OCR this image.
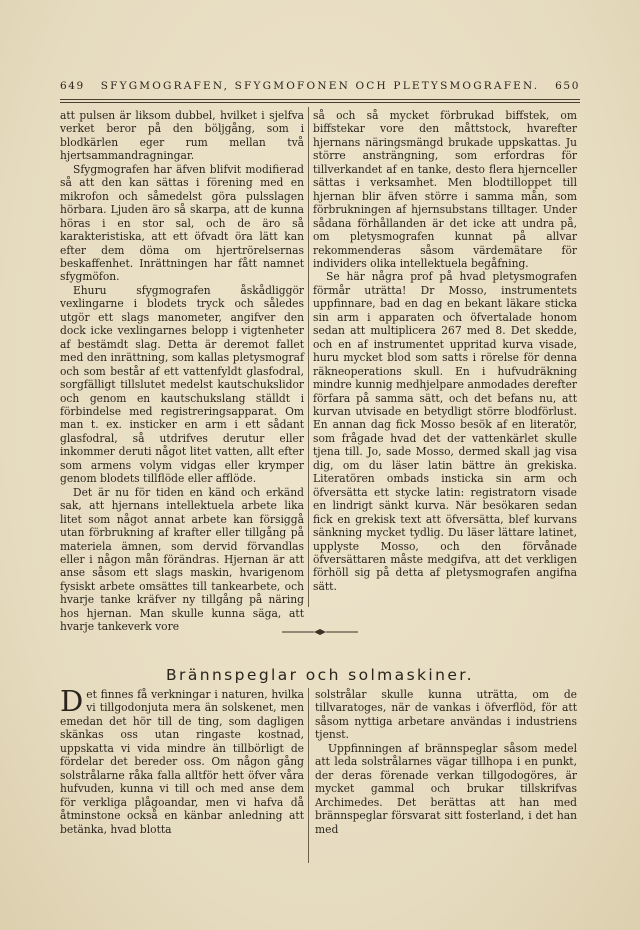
649	SFYGMOGRAFEN, SFYGMOFONEN OCH PLETYSMOGRAFEN.	650

att pulsen är liksom dubbel, hvilket i sjelfva verket beror på den böljgång, som i blodkärlen eger rum mellan två hjertsammandragningar.

Sfygmografen har äfven blifvit modifierad så att den kan sättas i förening med en mikrofon och såmedelst göra pulsslagen hörbara. Ljuden äro så skarpa, att de kunna höras i en stor sal, och de äro så karakteristiska, att ett öfvadt öra lätt kan efter dem döma om hjertrörelsernas beskaffenhet. Inrättningen har fått namnet sfygmöfon.

Ehuru sfygmografen åskådliggör vexlingarne i blodets tryck och således utgör ett slags manometer, angifver den dock icke vexlingarnes belopp i vigtenheter af bestämdt slag. Detta är deremot fallet med den inrättning, som kallas pletysmograf och som består af ett vattenfyldt glasfodral, sorgfälligt tillslutet medelst kautschukslidor och genom en kautschukslang ställdt i förbindelse med registreringsapparat. Om man t. ex. insticker en arm i ett sådant glasfodral, så utdrifves derutur eller inkommer deruti något litet vatten, allt efter som armens volym vidgas eller krymper genom blodets tillflöde eller afflöde.

Det är nu för tiden en känd och erkänd sak, att hjernans intellektuela arbete lika litet som något annat arbete kan försiggå utan förbrukning af krafter eller tillgång på materiela ämnen, som dervid förvandlas eller i någon mån förändras. Hjernan är att anse såsom ett slags maskin, hvarigenom fysiskt arbete omsättes till tankearbete, och hvarje tanke kräfver ny tillgång på näring hos hjernan. Man skulle kunna säga, att hvarje tankeverk vore

så och så mycket förbrukad biffstek, om biffstekar vore den måttstock, hvarefter hjernans näringsmängd brukade uppskattas. Ju större ansträngning, som erfordras för tillverkandet af en tanke, desto flera hjernceller sättas i verksamhet. Men blodtilloppet till hjernan blir äfven större i samma mån, som förbrukningen af hjernsubstans tilltager. Under sådana förhållanden är det icke att undra på, om pletysmografen kunnat på allvar rekommenderas såsom värdemätare för individers olika intellektuela begåfning.

Se här några prof på hvad pletysmografen förmår uträtta! Dr Mosso, instrumentets uppfinnare, bad en dag en bekant läkare sticka sin arm i apparaten och öfvertalade honom sedan att multiplicera 267 med 8. Det skedde, och en af instrumentet uppritad kurva visade, huru mycket blod som satts i rörelse för denna räkneoperations skull. En i hufvudräkning mindre kunnig medhjelpare anmodades derefter förfara på samma sätt, och det befans nu, att kurvan utvisade en betydligt större blodförlust. En annan dag fick Mosso besök af en literatör, som frågade hvad det der vattenkärlet skulle tjena till. Jo, sade Mosso, dermed skall jag visa dig, om du läser latin bättre än grekiska. Literatören ombads insticka sin arm och öfversätta ett stycke latin: registratorn visade en lindrigt sänkt kurva. När besökaren sedan fick en grekisk text att öfversätta, blef kurvans sänkning mycket tydlig. Du läser lättare latinet, upplyste Mosso, och den förvånade öfversättaren måste medgifva, att det verkligen förhöll sig på detta af pletysmografen angifna sätt.

Brännspeglar och solmaskiner.

Det finnes få verkningar i naturen, hvilka vi tillgodonjuta mera än solskenet, men emedan det hör till de ting, som dagligen skänkas oss utan ringaste kostnad, uppskatta vi vida mindre än tillbörligt de fördelar det bereder oss. Om någon gång solstrålarne råka falla alltför hett öfver våra hufvuden, kunna vi till och med anse dem för verkliga plågoandar, men vi hafva då åtminstone också en känbar anledning att betänka, hvad blotta

solstrålar skulle kunna uträtta, om de tillvaratoges, när de vankas i öfverflöd, för att såsom nyttiga arbetare användas i industriens tjenst.

Uppfinningen af brännspeglar såsom medel att leda solstrålarnes vägar tillhopa i en punkt, der deras förenade verkan tillgodogöres, är mycket gammal och brukar tillskrifvas Archimedes. Det berättas att han med brännspeglar försvarat sitt fosterland, i det han med
